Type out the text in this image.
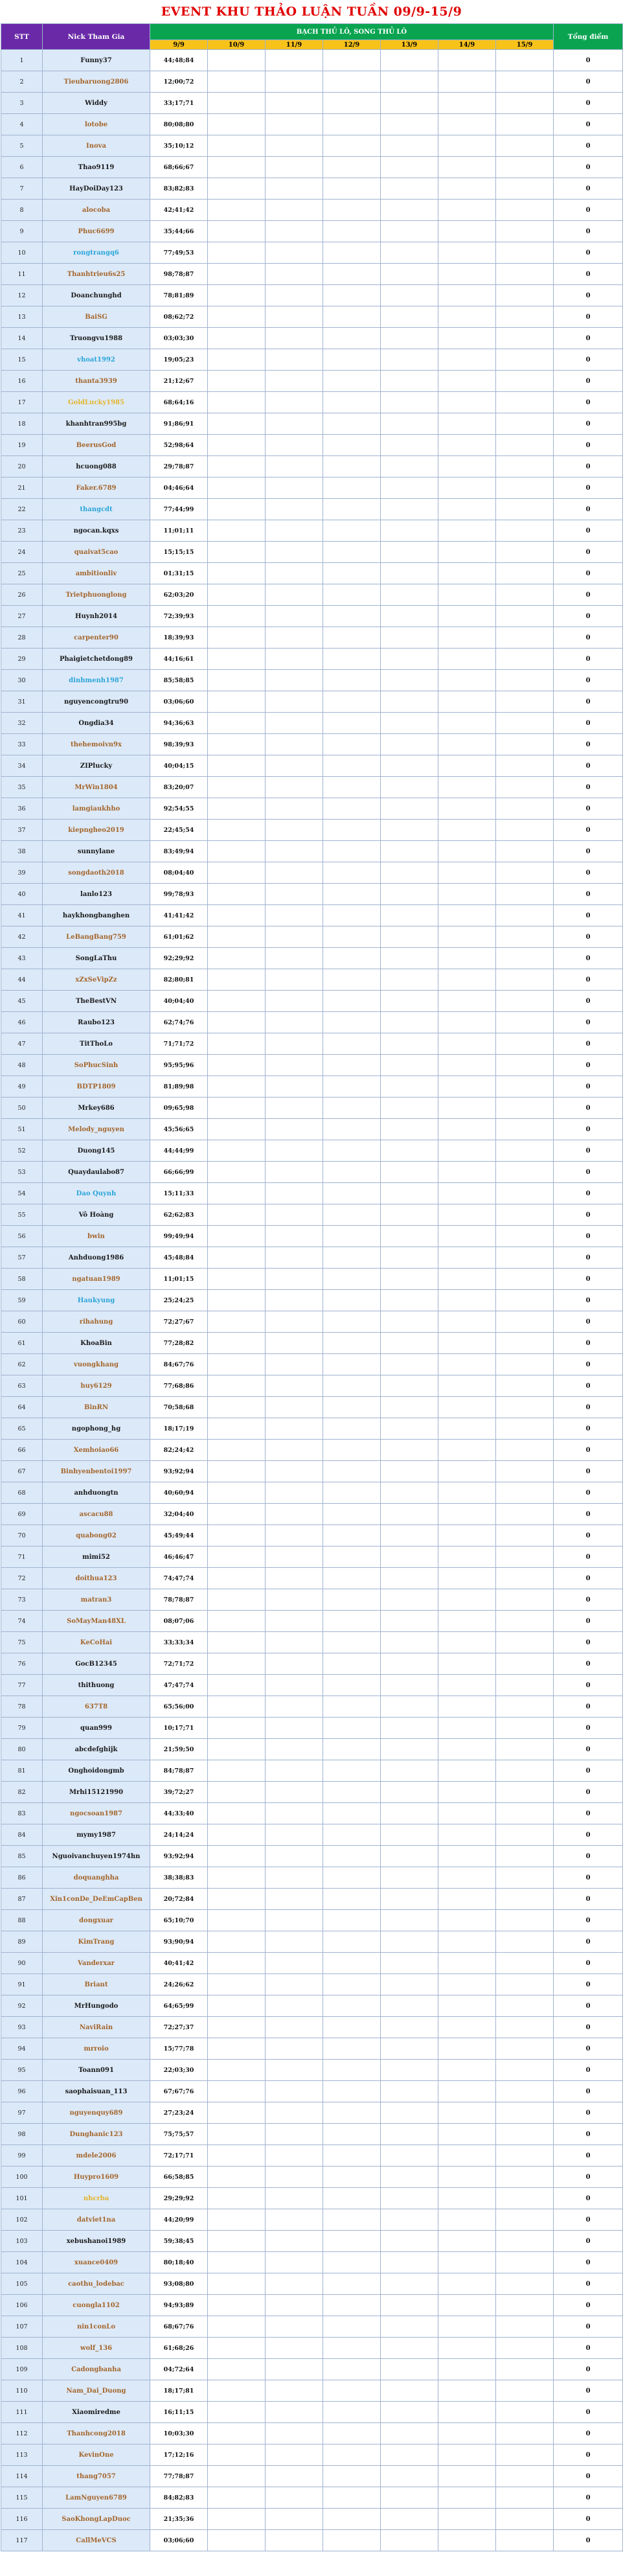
EVENT KHU THẢO LUẬN TUẦN 09/9-15/9
STT	Nick Tham Gia	BẠCH THỦ LÔ, SONG THỦ LÔ							Tổng điểm
		9/9	10/9	11/9	12/9	13/9	14/9	15/9	
1	Funny37	44;48;84							0
2	Tieubaruong2806	12;00;72							0
3	Widdy	33;17;71							0
4	lotobe	80;08;80							0
5	Inova	35;10;12							0
6	Thao9119	68;66;67							0
7	HayDoiDay123	83;82;83							0
8	alocoba	42;41;42							0
9	Phuc6699	35;44;66							0
10	rongtrangq6	77;49;53							0
11	Thanhtrieu6s25	98;78;87							0
12	Doanchunghd	78;81;89							0
13	BaiSG	08;62;72							0
14	Truongvu1988	03;03;30							0
15	vhoat1992	19;05;23							0
16	thanta3939	21;12;67							0
17	GoldLucky1985	68;64;16							0
18	khanhtran995bg	91;86;91							0
19	BeerusGod	52;98;64							0
20	hcuong088	29;78;87							0
21	Faker.6789	04;46;64							0
22	thangcdt	77;44;99							0
23	ngocan.kqxs	11;01;11							0
24	quaivat5cao	15;15;15							0
25	ambitionliv	01;31;15							0
26	Trietphuonglong	62;03;20							0
27	Huynh2014	72;39;93							0
28	carpenter90	18;39;93							0
29	Phaigietchetdong89	44;16;61							0
30	dinhmenh1987	85;58;85							0
31	nguyencongtru90	03;06;60							0
32	Ongdia34	94;36;63							0
33	thehemoivn9x	98;39;93							0
34	ZIPlucky	40;04;15							0
35	MrWin1804	83;20;07							0
36	lamgiaukhho	92;54;55							0
37	kiepngheo2019	22;45;54							0
38	sunnylane	83;49;94							0
39	songdaoth2018	08;04;40							0
40	lanlo123	99;78;93							0
41	haykhongbanghen	41;41;42							0
42	LeBangBang759	61;01;62							0
43	SongLaThu	92;29;92							0
44	xZxSeVipZz	82;80;81							0
45	TheBestVN	40;04;40							0
46	Raubo123	62;74;76							0
47	TitThoLo	71;71;72							0
48	SoPhucSinh	95;95;96							0
49	BDTP1809	81;89;98							0
50	Mrkey686	09;65;98							0
51	Melody_nguyen	45;56;65							0
52	Duong145	44;44;99							0
53	Quaydaulabo87	66;66;99							0
54	Dao Quynh	15;11;33							0
55	Vô Hoàng	62;62;83							0
56	bwin	99;49;94							0
57	Anhduong1986	45;48;84							0
58	ngatuan1989	11;01;15							0
59	Haukyung	25;24;25							0
60	rihahung	72;27;67							0
61	KhoaBin	77;28;82							0
62	vuongkhang	84;67;76							0
63	huy6129	77;68;86							0
64	BinRN	70;58;68							0
65	ngophong_hg	18;17;19							0
66	Xemhoiao66	82;24;42							0
67	Binhyenbentoi1997	93;92;94							0
68	anhduongtn	40;60;94							0
69	ascacu88	32;04;40							0
70	quabong02	45;49;44							0
71	mimi52	46;46;47							0
72	doithua123	74;47;74							0
73	matran3	78;78;87							0
74	SoMayMan48XL	08;07;06							0
75	KeCoHai	33;33;34							0
76	GocB12345	72;71;72							0
77	thithuong	47;47;74							0
78	637T8	65;56;00							0
79	quan999	10;17;71							0
80	abcdefghijk	21;59;50							0
81	Onghoidongmb	84;78;87							0
82	Mrhi15121990	39;72;27							0
83	ngocsoan1987	44;33;40							0
84	mymy1987	24;14;24							0
85	Nguoivanchuyen1974hn	93;92;94							0
86	doquanghha	38;38;83							0
87	Xin1conDe_DeEmCapBen	20;72;84							0
88	dongxuar	65;10;70							0
89	KimTrang	93;90;94							0
90	Vanderxar	40;41;42							0
91	Briant	24;26;62							0
92	MrHungodo	64;65;99							0
93	NaviRain	72;27;37							0
94	mrroio	15;77;78							0
95	Toann091	22;03;30							0
96	saophaisuan_113	67;67;76							0
97	nguyenquy689	27;23;24							0
98	Dunghanic123	75;75;57							0
99	mdele2006	72;17;71							0
100	Huypro1609	66;58;85							0
101	nhcrba	29;29;92							0
102	datviet1na	44;20;99							0
103	xebushanoi1989	59;38;45							0
104	xuance0409	80;18;40							0
105	caothu_lodebac	93;08;80							0
106	cuongla1102	94;93;89							0
107	nin1conLo	68;67;76							0
108	wolf_136	61;68;26							0
109	Cadongbanha	04;72;64							0
110	Nam_Dai_Duong	18;17;81							0
111	Xiaomiredme	16;11;15							0
112	Thanhcong2018	10;03;30							0
113	KevinOne	17;12;16							0
114	thang7057	77;78;87							0
115	LamNguyen6789	84;82;83							0
116	SaoKhongLapDuoc	21;35;36							0
117	CallMeVCS	03;06;60							0
